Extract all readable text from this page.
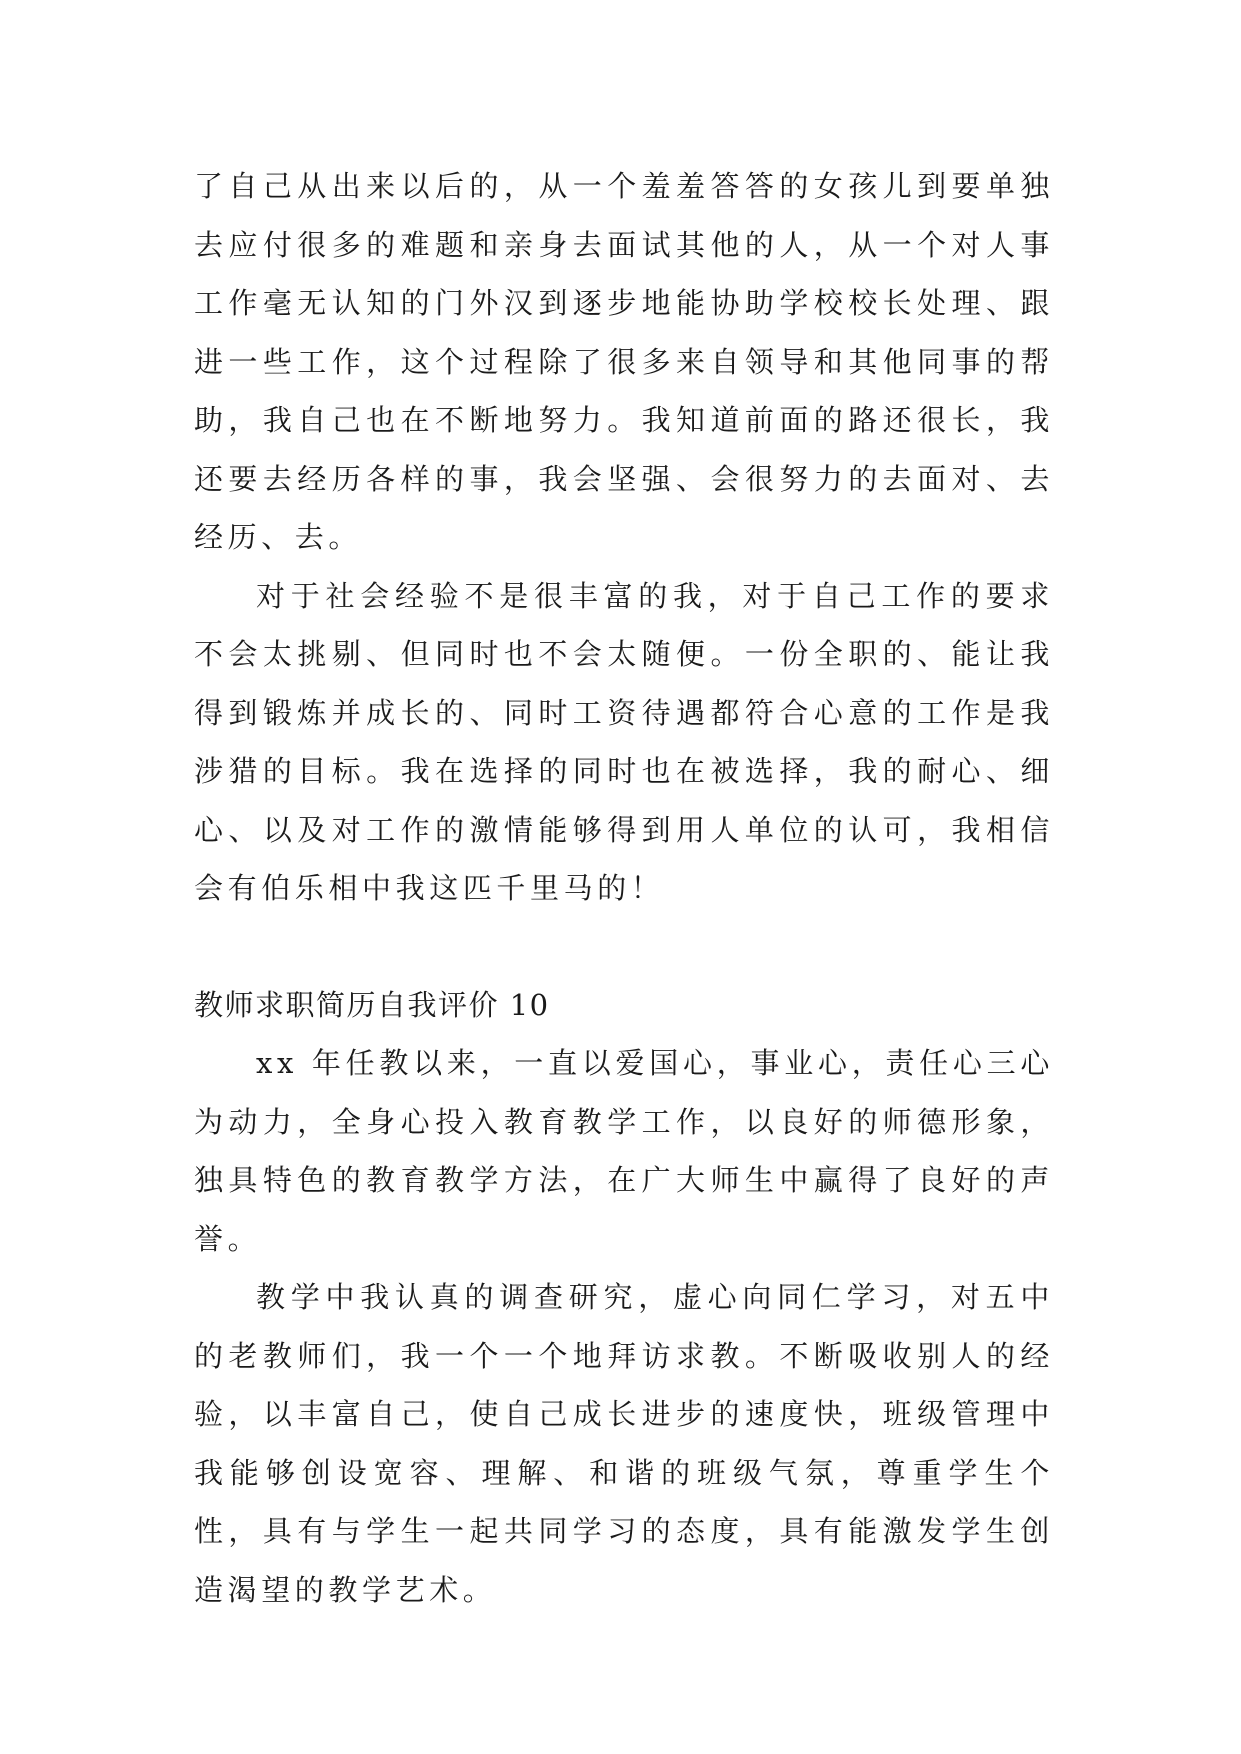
了自己从出来以后的，从一个羞羞答答的女孩儿到要单独去应付很多的难题和亲身去面试其他的人，从一个对人事工作毫无认知的门外汉到逐步地能协助学校校长处理、跟进一些工作，这个过程除了很多来自领导和其他同事的帮助，我自己也在不断地努力。我知道前面的路还很长，我还要去经历各样的事，我会坚强、会很努力的去面对、去经历、去。

对于社会经验不是很丰富的我，对于自己工作的要求不会太挑剔、但同时也不会太随便。一份全职的、能让我得到锻炼并成长的、同时工资待遇都符合心意的工作是我涉猎的目标。我在选择的同时也在被选择，我的耐心、细心、以及对工作的激情能够得到用人单位的认可，我相信会有伯乐相中我这匹千里马的！

教师求职简历自我评价 10

xx 年任教以来，一直以爱国心，事业心，责任心三心为动力，全身心投入教育教学工作，以良好的师德形象，独具特色的教育教学方法，在广大师生中赢得了良好的声誉。

教学中我认真的调查研究，虚心向同仁学习，对五中的老教师们，我一个一个地拜访求教。不断吸收别人的经验，以丰富自己，使自己成长进步的速度快，班级管理中我能够创设宽容、理解、和谐的班级气氛，尊重学生个性，具有与学生一起共同学习的态度，具有能激发学生创造渴望的教学艺术。
